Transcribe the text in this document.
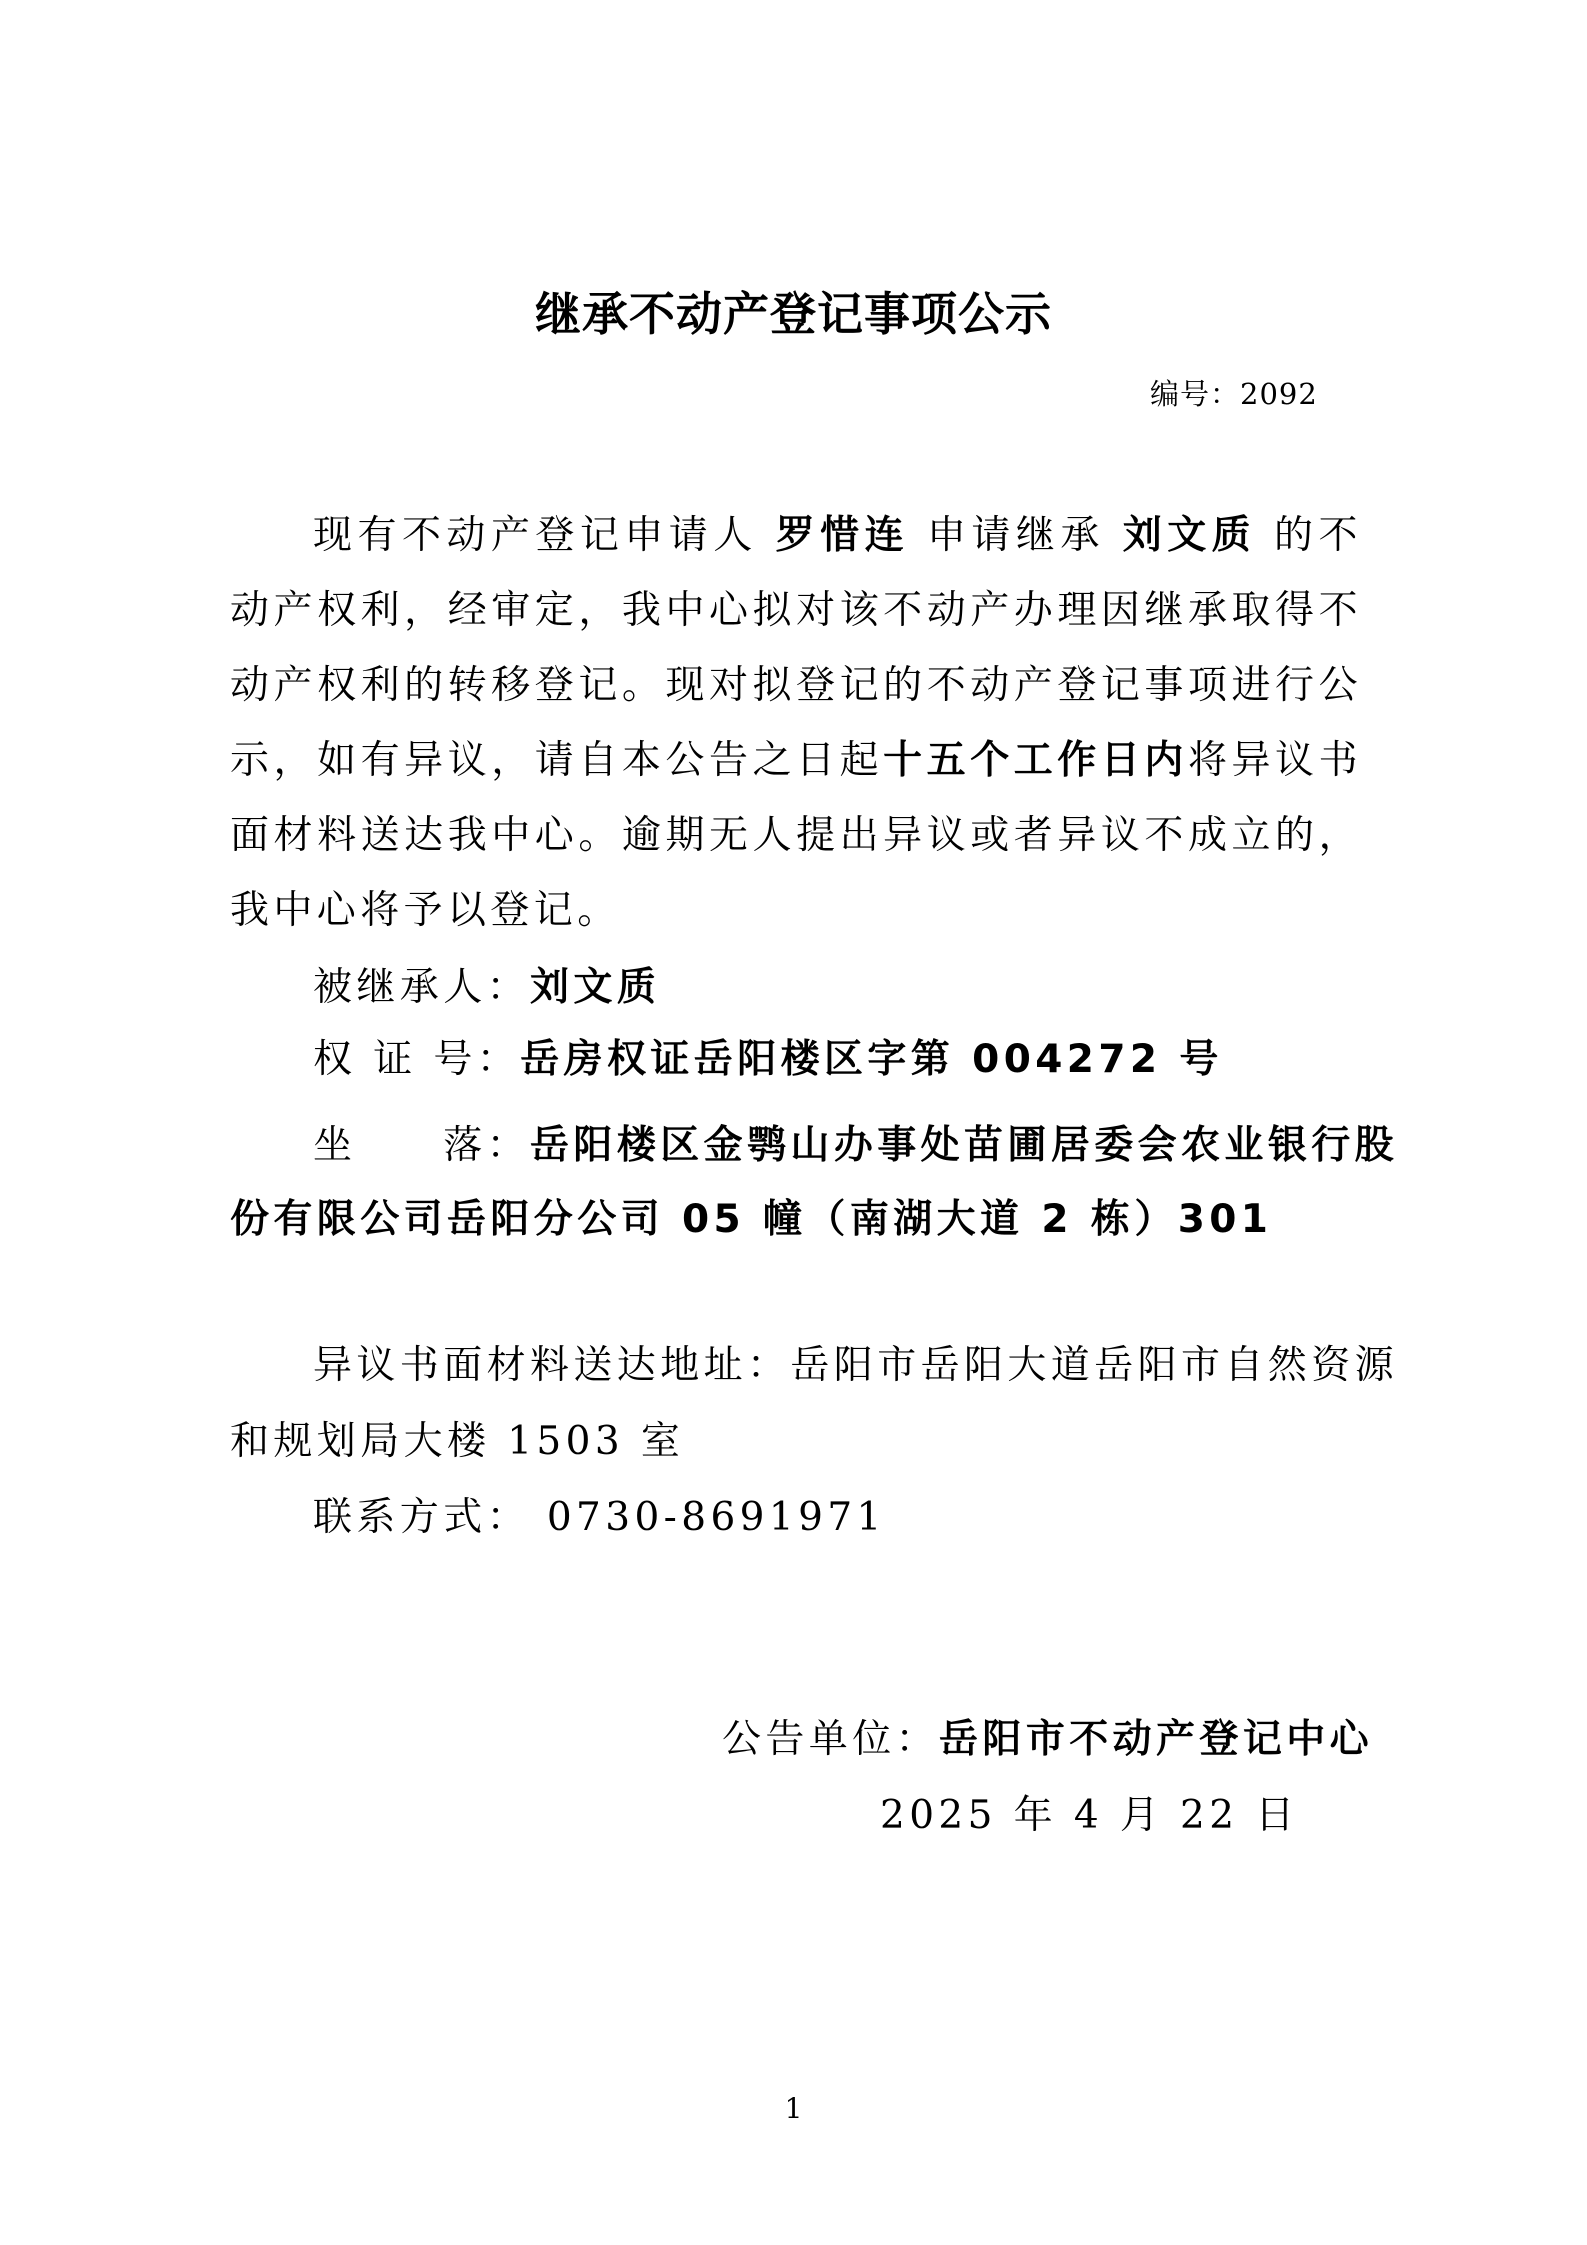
继承不动产登记事项公示
编号：2092
现有不动产登记申请人 罗惜连 申请继承 刘文质 的不动产权利，经审定，我中心拟对该不动产办理因继承取得不动产权利的转移登记。现对拟登记的不动产登记事项进行公示，如有异议，请自本公告之日起十五个工作日内将异议书面材料送达我中心。逾期无人提出异议或者异议不成立的，我中心将予以登记。
被继承人：刘文质
权 证 号：岳房权证岳阳楼区字第 004272 号
坐　　落：岳阳楼区金鹗山办事处苗圃居委会农业银行股
份有限公司岳阳分公司 05 幢（南湖大道 2 栋）301
异议书面材料送达地址：岳阳市岳阳大道岳阳市自然资源
和规划局大楼 1503 室
联系方式： 0730-8691971
公告单位：岳阳市不动产登记中心
2025 年 4 月 22 日
1
